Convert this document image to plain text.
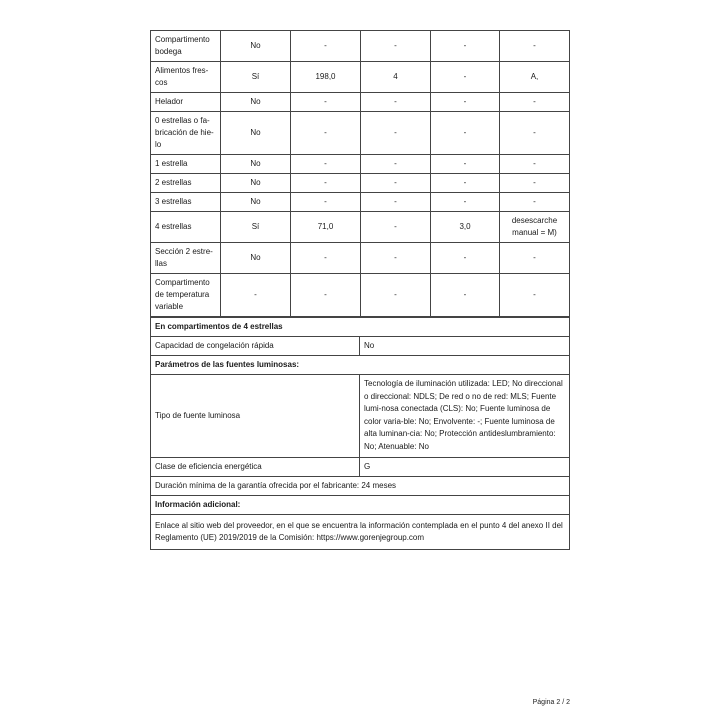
Compartimento bodega	No	-	-	-	-
Alimentos fres-cos	Sí	198,0	4	-	A,
Helador	No	-	-	-	-
0 estrellas o fa-bricación de hie-lo	No	-	-	-	-
1 estrella	No	-	-	-	-
2 estrellas	No	-	-	-	-
3 estrellas	No	-	-	-	-
4 estrellas	Sí	71,0	-	3,0	desescarche manual = M)
Sección 2 estre-llas	No	-	-	-	-
Compartimento de temperatura variable	-	-	-	-	-
En compartimentos de 4 estrellas	
Capacidad de congelación rápida	No
Parámetros de las fuentes luminosas:	
Tipo de fuente luminosa	Tecnología de iluminación utilizada: LED; No direccional o direccional: NDLS; De red o no de red: MLS; Fuente lumi-nosa conectada (CLS): No; Fuente luminosa de color varia-ble: No; Envolvente: -; Fuente luminosa de alta luminan-cia: No; Protección antideslumbramiento: No; Atenuable: No
Clase de eficiencia energética	G
Duración mínima de la garantía ofrecida por el fabricante: 24 meses	
Información adicional:	
Enlace al sitio web del proveedor, en el que se encuentra la información contemplada en el punto 4 del anexo II del Reglamento (UE) 2019/2019 de la Comisión: https://www.gorenjegroup.com	
Página 2 / 2
